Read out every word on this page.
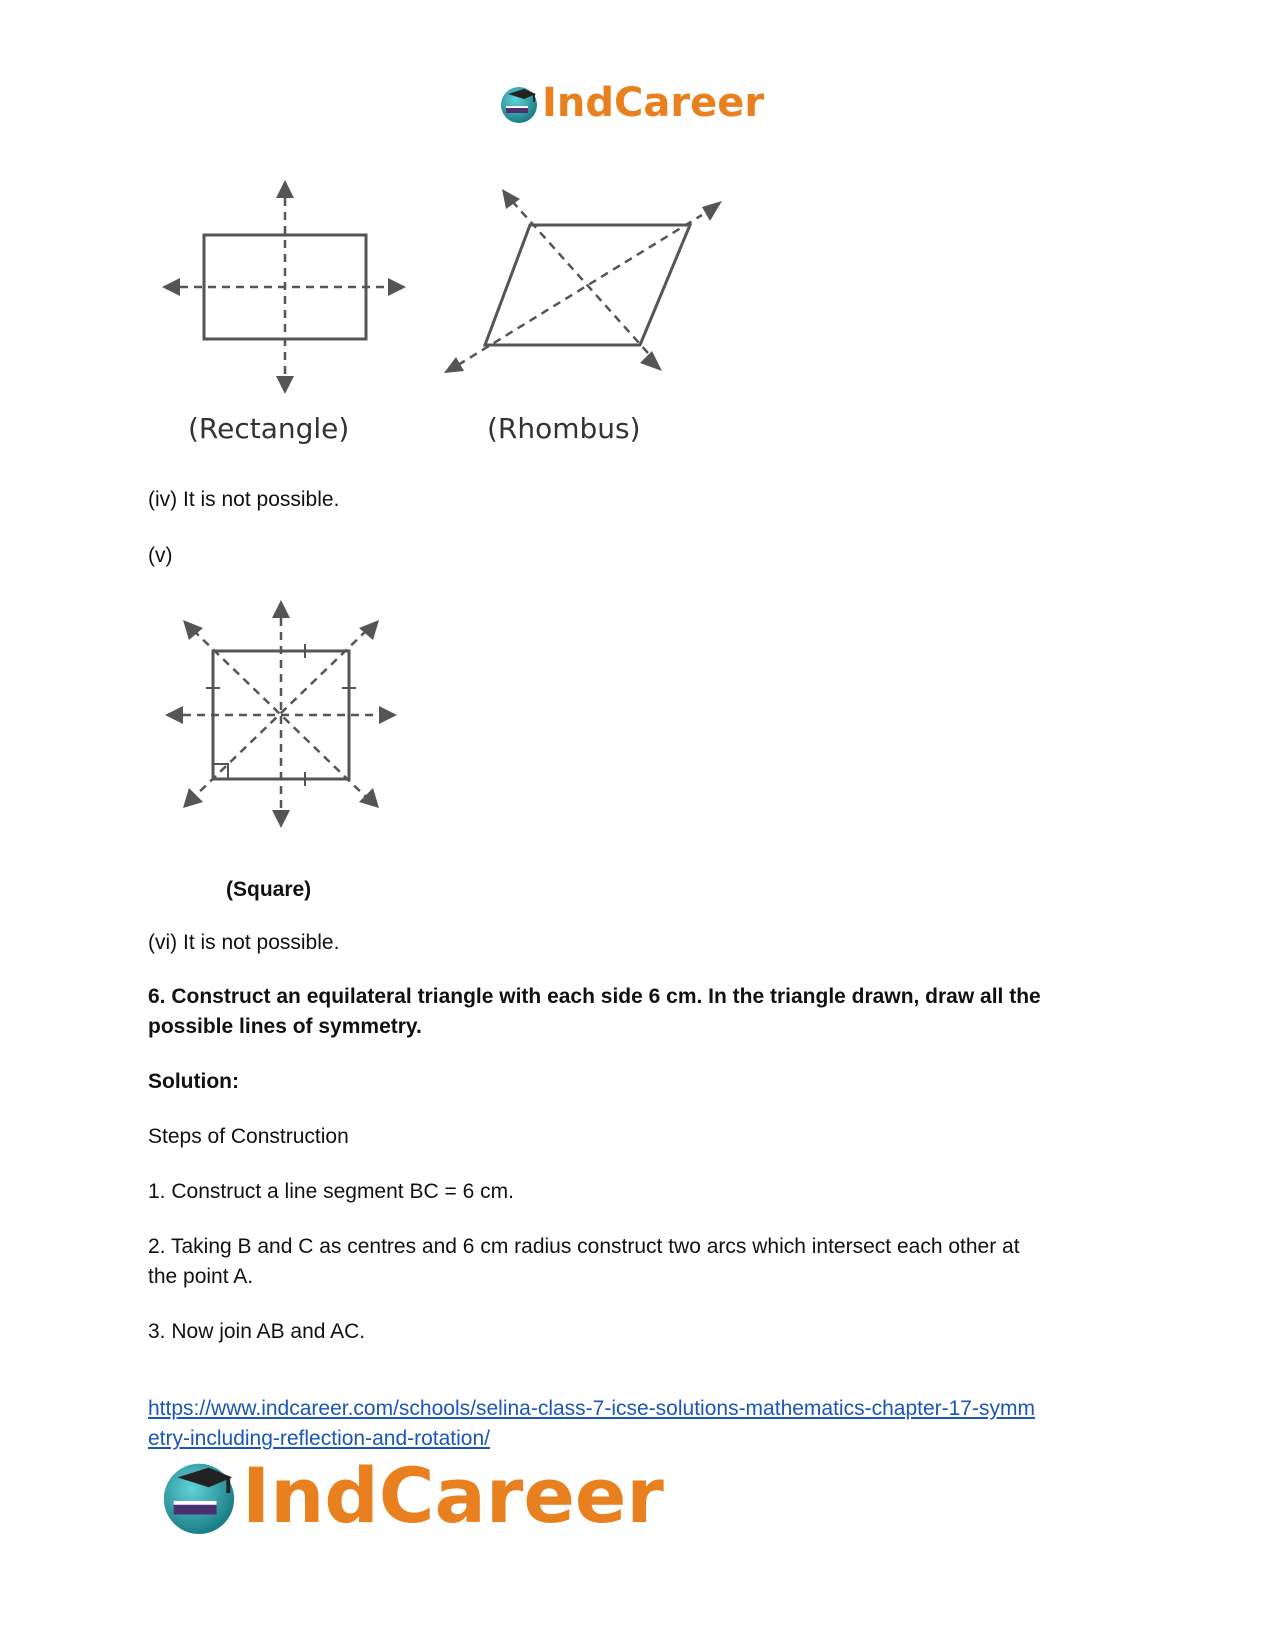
IndCareer
(Rectangle)	(Rhombus)
(iv) It is not possible.
(v)
(Square)
(vi) It is not possible.
6. Construct an equilateral triangle with each side 6 cm. In the triangle drawn, draw all the
possible lines of symmetry.
Solution:
Steps of Construction
1. Construct a line segment BC = 6 cm.
2. Taking B and C as centres and 6 cm radius construct two arcs which intersect each other at
the point A.
3. Now join AB and AC.
https://www.indcareer.com/schools/selina-class-7-icse-solutions-mathematics-chapter-17-symm
etry-including-reflection-and-rotation/
IndCareer
